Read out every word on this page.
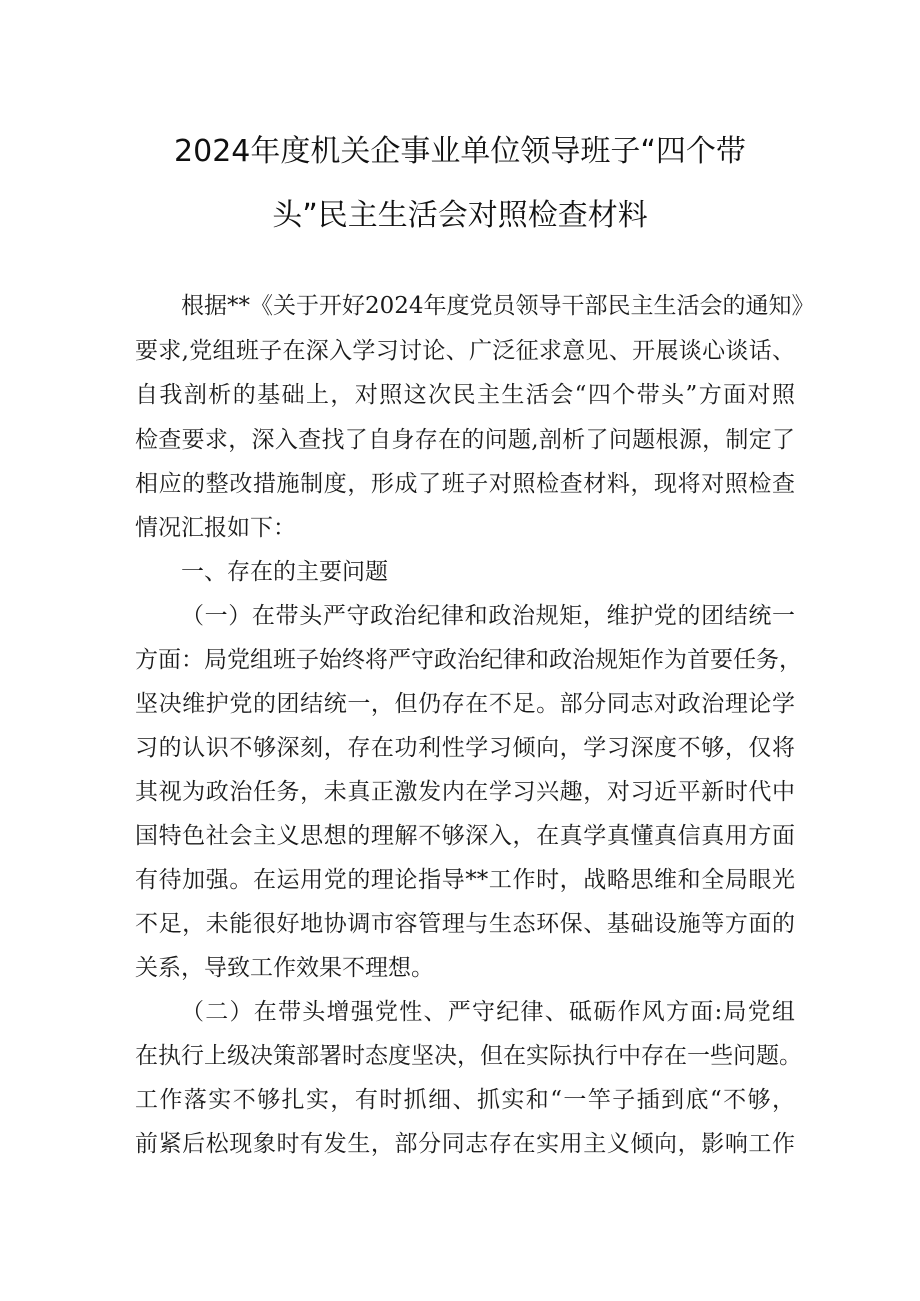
2024年度机关企事业单位领导班子“四个带
头”民主生活会对照检查材料
根据**《关于开好2024年度党员领导干部民主生活会的通知》
要求,党组班子在深入学习讨论、广泛征求意见、开展谈心谈话、
自我剖析的基础上，对照这次民主生活会“四个带头”方面对照
检查要求，深入查找了自身存在的问题,剖析了问题根源，制定了
相应的整改措施制度，形成了班子对照检查材料，现将对照检查
情况汇报如下：
一、存在的主要问题
（一）在带头严守政治纪律和政治规矩，维护党的团结统一
方面：局党组班子始终将严守政治纪律和政治规矩作为首要任务，
坚决维护党的团结统一，但仍存在不足。部分同志对政治理论学
习的认识不够深刻，存在功利性学习倾向，学习深度不够，仅将
其视为政治任务，未真正激发内在学习兴趣，对习近平新时代中
国特色社会主义思想的理解不够深入，在真学真懂真信真用方面
有待加强。在运用党的理论指导**工作时，战略思维和全局眼光
不足，未能很好地协调市容管理与生态环保、基础设施等方面的
关系，导致工作效果不理想。
（二）在带头增强党性、严守纪律、砥砺作风方面:局党组
在执行上级决策部署时态度坚决，但在实际执行中存在一些问题。
工作落实不够扎实，有时抓细、抓实和“一竿子插到底“不够，
前紧后松现象时有发生，部分同志存在实用主义倾向，影响工作
